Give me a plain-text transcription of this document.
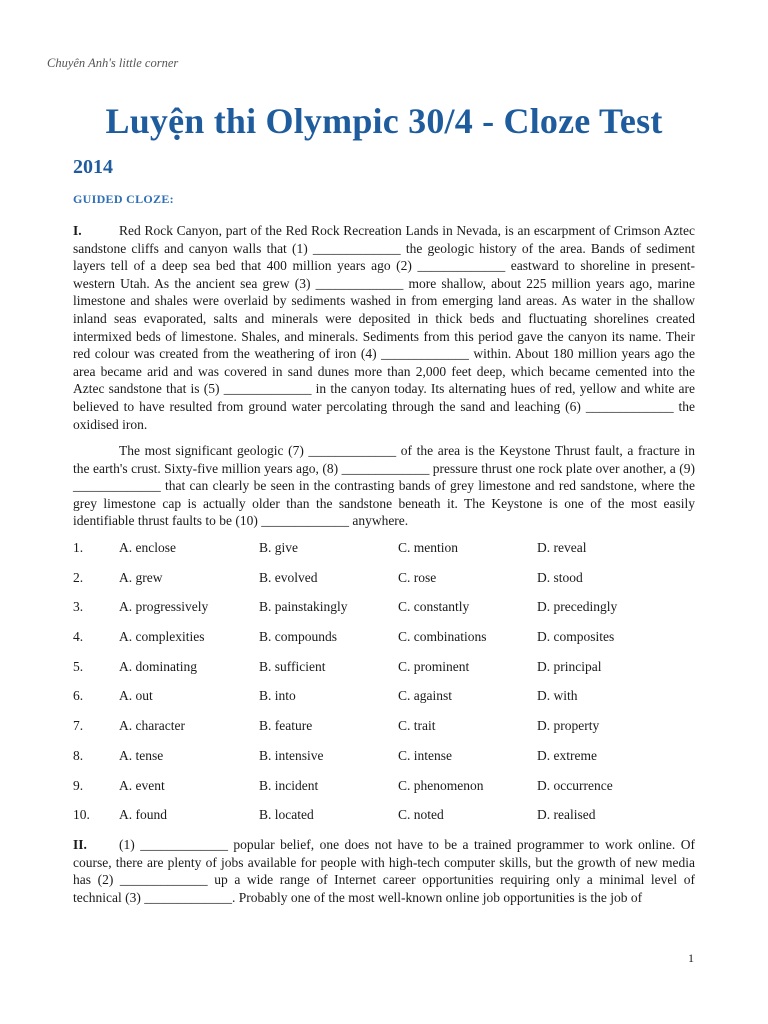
Chuyên Anh's little corner
Luyện thi Olympic 30/4 - Cloze Test
2014
GUIDED CLOZE:
I.	Red Rock Canyon, part of the Red Rock Recreation Lands in Nevada, is an escarpment of Crimson Aztec sandstone cliffs and canyon walls that (1) _____________ the geologic history of the area. Bands of sediment layers tell of a deep sea bed that 400 million years ago (2) _____________ eastward to shoreline in present-western Utah. As the ancient sea grew (3) _____________ more shallow, about 225 million years ago, marine limestone and shales were overlaid by sediments washed in from emerging land areas. As water in the shallow inland seas evaporated, salts and minerals were deposited in thick beds and fluctuating shorelines created intermixed beds of limestone. Shales, and minerals. Sediments from this period gave the canyon its name. Their red colour was created from the weathering of iron (4) _____________ within. About 180 million years ago the area became arid and was covered in sand dunes more than 2,000 feet deep, which became cemented into the Aztec sandstone that is (5) _____________ in the canyon today. Its alternating hues of red, yellow and white are believed to have resulted from ground water percolating through the sand and leaching (6) _____________ the oxidised iron.
The most significant geologic (7) _____________ of the area is the Keystone Thrust fault, a fracture in the earth's crust. Sixty-five million years ago, (8) _____________ pressure thrust one rock plate over another, a (9) _____________ that can clearly be seen in the contrasting bands of grey limestone and red sandstone, where the grey limestone cap is actually older than the sandstone beneath it. The Keystone is one of the most easily identifiable thrust faults to be (10) _____________ anywhere.
1.	A. enclose	B. give	C. mention	D. reveal
2.	A. grew	B. evolved	C. rose	D. stood
3.	A. progressively	B. painstakingly	C. constantly	D. precedingly
4.	A. complexities	B. compounds	C. combinations	D. composites
5.	A. dominating	B. sufficient	C. prominent	D. principal
6.	A. out	B. into	C. against	D. with
7.	A. character	B. feature	C. trait	D. property
8.	A. tense	B. intensive	C. intense	D. extreme
9.	A. event	B. incident	C. phenomenon	D. occurrence
10. A. found	B. located	C. noted	D. realised
II. (1) _____________ popular belief, one does not have to be a trained programmer to work online. Of course, there are plenty of jobs available for people with high-tech computer skills, but the growth of new media has (2) _____________ up a wide range of Internet career opportunities requiring only a minimal level of technical (3) _____________. Probably one of the most well-known online job opportunities is the job of
1
